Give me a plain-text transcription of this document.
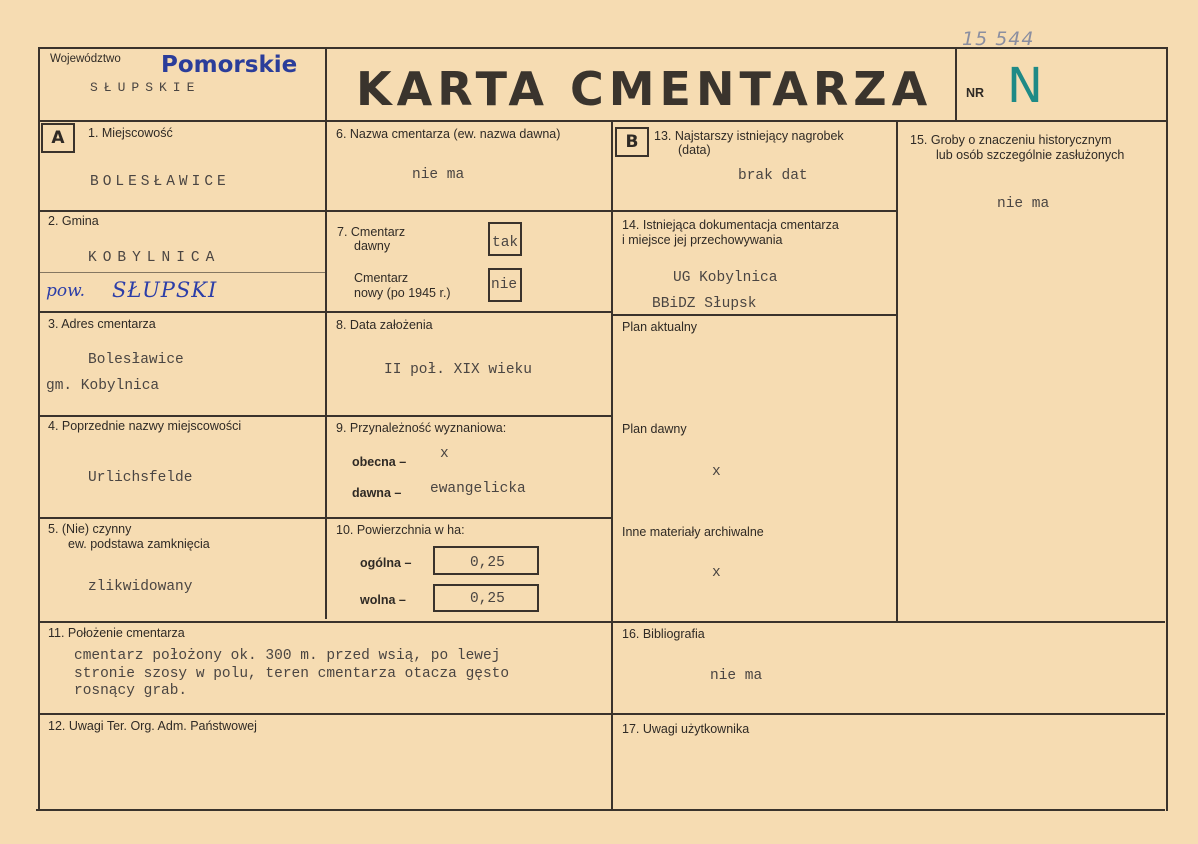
15 544
Województwo
SŁUPSKIE
Pomorskie KARTA CMENTARZA	NR N
A	1. Miejscowość
BOLESŁAWICE
2. Gmina
KOBYLNICA
pow. SŁUPSKI
3. Adres cmentarza
Bolesławice
gm. Kobylnica
4. Poprzednie nazwy miejscowości
Urlichsfelde
5. (Nie) czynny
ew. podstawa zamknięcia
zlikwidowany
6. Nazwa cmentarza (ew. nazwa dawna)
nie ma
7. Cmentarz
dawny	tak
Cmentarz
nowy (po 1945 r.)	nie
8. Data założenia
II poł. XIX wieku
9. Przynależność wyznaniowa:
obecna – x
dawna – ewangelicka
10. Powierzchnia w ha:
ogólna –	0,25
wolna –	0,25
B	13. Najstarszy istniejący nagrobek
(data)
brak dat
14. Istniejąca dokumentacja cmentarza
i miejsce jej przechowywania
UG Kobylnica
BBiDZ Słupsk
Plan aktualny
Plan dawny
x
Inne materiały archiwalne
x
15. Groby o znaczeniu historycznym
lub osób szczególnie zasłużonych
nie ma
11. Położenie cmentarza
cmentarz położony ok. 300 m. przed wsią, po lewej
stronie szosy w polu, teren cmentarza otacza gęsto
rosnący grab.
16. Bibliografia
nie ma
12. Uwagi Ter. Org. Adm. Państwowej	17. Uwagi użytkownika
